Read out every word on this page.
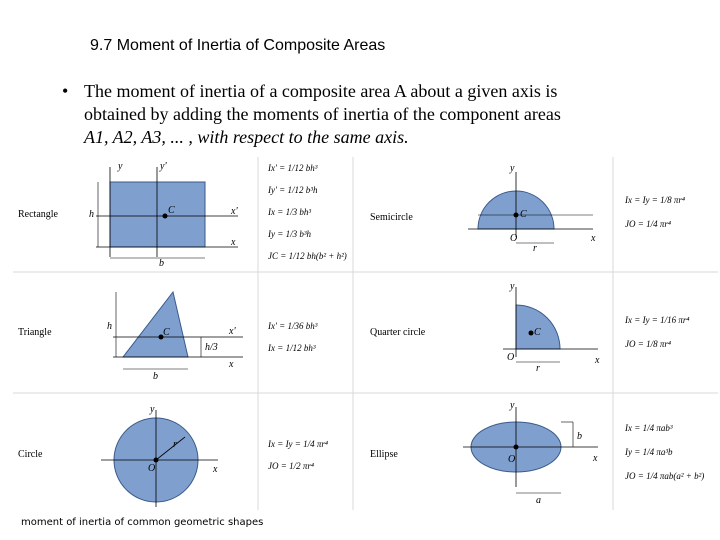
9.7 Moment of Inertia of Composite Areas
• The moment of inertia of a composite area A about a given axis is
obtained by adding the moments of inertia of the component areas
A1, A2, A3, ... , with respect to the same axis.
Rectangle
y	y'
x'
x
C
h
b
Ix' = 1/12 bh³
Iy' = 1/12 b³h
Ix = 1/3 bh³
Iy = 1/3 b³h
JC = 1/12 bh(b² + h²)
Semicircle
y
C
O
r
x
Ix = Iy = 1/8 πr⁴
JO = 1/4 πr⁴
Triangle	C
h
h/3
b
x'
x
Ix' = 1/36 bh³
Ix = 1/12 bh³
Quarter circle
y
C
O
r
x
Ix = Iy = 1/16 πr⁴
JO = 1/8 πr⁴
Circle
y
O
r
x
Ix = Iy = 1/4 πr⁴
JO = 1/2 πr⁴
Ellipse
y
O
b
a
x
Ix = 1/4 πab³
Iy = 1/4 πa³b
JO = 1/4 πab(a² + b²)
moment of inertia of common geometric shapes
